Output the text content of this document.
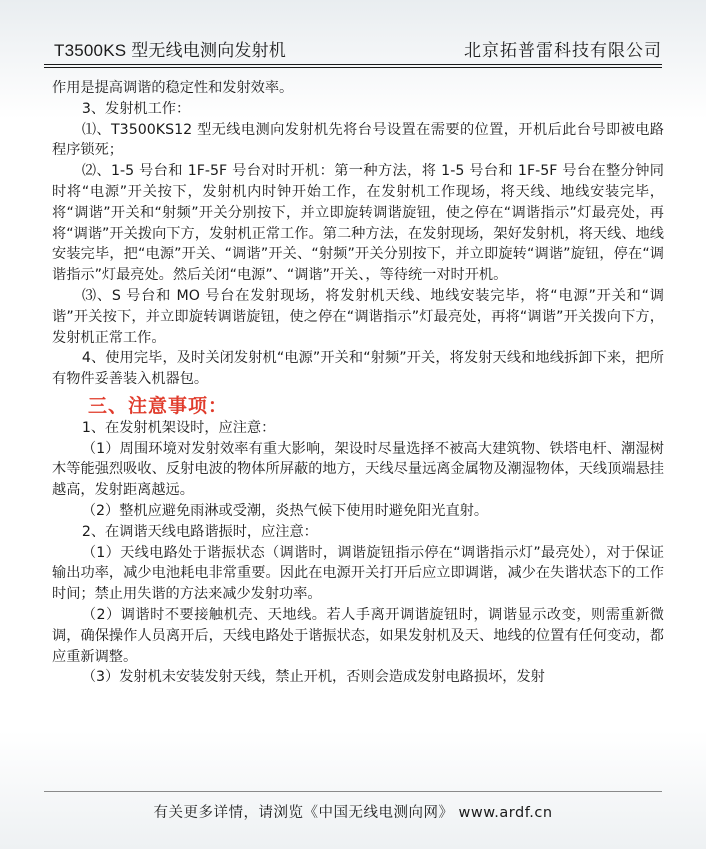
T3500KS 型无线电测向发射机	北京拓普雷科技有限公司

作用是提高调谐的稳定性和发射效率。

3、发射机工作：

⑴、T3500KS12 型无线电测向发射机先将台号设置在需要的位置，开机后此台号即被电路程序锁死；

⑵、1-5 号台和 1F-5F 号台对时开机：第一种方法，将 1-5 号台和 1F-5F 号台在整分钟同时将“电源”开关按下，发射机内时钟开始工作，在发射机工作现场，将天线、地线安装完毕，将“调谐”开关和“射频”开关分别按下，并立即旋转调谐旋钮，使之停在“调谐指示”灯最亮处，再将“调谐”开关拨向下方，发射机正常工作。第二种方法，在发射现场，架好发射机，将天线、地线安装完毕，把“电源”开关、“调谐”开关、“射频”开关分别按下，并立即旋转“调谐”旋钮，停在“调谐指示”灯最亮处。然后关闭“电源”、“调谐”开关、，等待统一对时开机。

⑶、S 号台和 MO 号台在发射现场，将发射机天线、地线安装完毕，将“电源”开关和“调谐”开关按下，并立即旋转调谐旋钮，使之停在“调谐指示”灯最亮处，再将“调谐”开关拨向下方，发射机正常工作。

4、使用完毕，及时关闭发射机“电源”开关和“射频”开关，将发射天线和地线拆卸下来，把所有物件妥善装入机器包。

三、注意事项：

1、在发射机架设时，应注意：

（1）周围环境对发射效率有重大影响，架设时尽量选择不被高大建筑物、铁塔电杆、潮湿树木等能强烈吸收、反射电波的物体所屏蔽的地方，天线尽量远离金属物及潮湿物体，天线顶端悬挂越高，发射距离越远。

（2）整机应避免雨淋或受潮，炎热气候下使用时避免阳光直射。

2、在调谐天线电路谐振时，应注意：

（1）天线电路处于谐振状态（调谐时，调谐旋钮指示停在“调谐指示灯”最亮处），对于保证输出功率，减少电池耗电非常重要。因此在电源开关打开后应立即调谐，减少在失谐状态下的工作时间；禁止用失谐的方法来减少发射功率。

（2）调谐时不要接触机壳、天地线。若人手离开调谐旋钮时，调谐显示改变，则需重新微调，确保操作人员离开后，天线电路处于谐振状态，如果发射机及天、地线的位置有任何变动，都应重新调整。

（3）发射机未安装发射天线，禁止开机，否则会造成发射电路损坏，发射

有关更多详情，请浏览《中国无线电测向网》 www.ardf.cn
